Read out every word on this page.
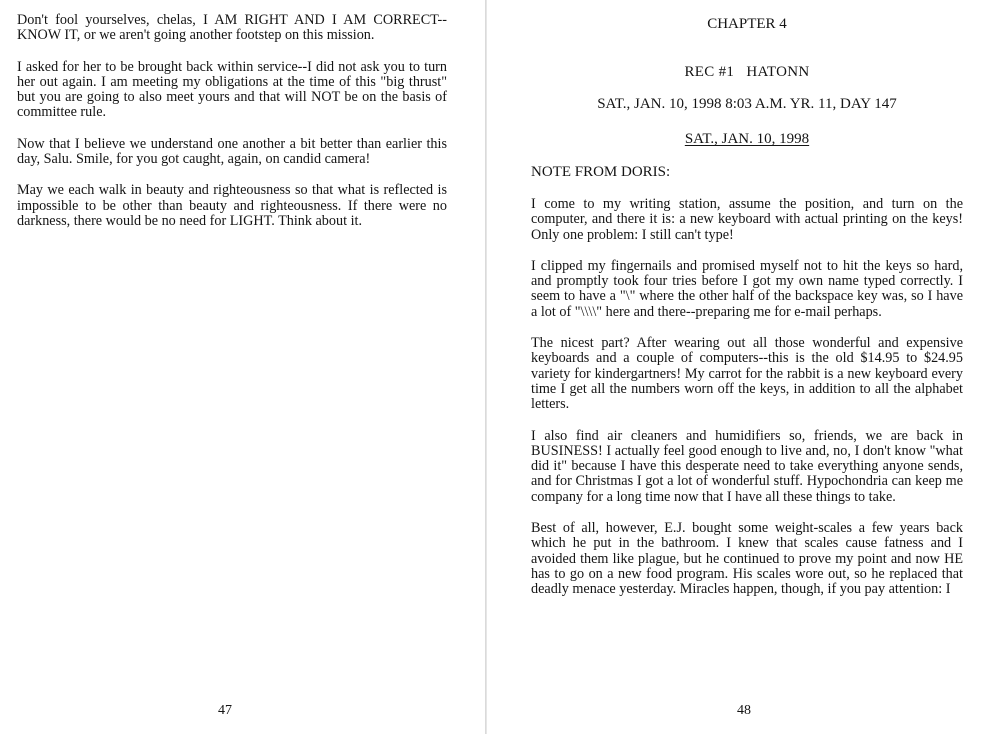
Don't fool yourselves, chelas, I AM RIGHT AND I AM CORRECT--KNOW IT, or we aren't going another footstep on this mission.

I asked for her to be brought back within service--I did not ask you to turn her out again. I am meeting my obligations at the time of this "big thrust" but you are going to also meet yours and that will NOT be on the basis of committee rule.

Now that I believe we understand one another a bit better than earlier this day, Salu. Smile, for you got caught, again, on candid camera!

May we each walk in beauty and righteousness so that what is reflected is impossible to be other than beauty and righteousness. If there were no darkness, there would be no need for LIGHT. Think about it.

47
CHAPTER 4
REC #1   HATONN
SAT., JAN. 10, 1998 8:03 A.M. YR. 11, DAY 147
SAT., JAN. 10, 1998
NOTE FROM DORIS:

I come to my writing station, assume the position, and turn on the computer, and there it is: a new keyboard with actual printing on the keys! Only one problem: I still can't type!

I clipped my fingernails and promised myself not to hit the keys so hard, and promptly took four tries before I got my own name typed correctly. I seem to have a "\" where the other half of the backspace key was, so I have a lot of "\\\\" here and there--preparing me for e-mail perhaps.

The nicest part? After wearing out all those wonderful and expensive keyboards and a couple of computers--this is the old $14.95 to $24.95 variety for kindergartners! My carrot for the rabbit is a new keyboard every time I get all the numbers worn off the keys, in addition to all the alphabet letters.

I also find air cleaners and humidifiers so, friends, we are back in BUSINESS! I actually feel good enough to live and, no, I don't know "what did it" because I have this desperate need to take everything anyone sends, and for Christmas I got a lot of wonderful stuff. Hypochondria can keep me company for a long time now that I have all these things to take.

Best of all, however, E.J. bought some weight-scales a few years back which he put in the bathroom. I knew that scales cause fatness and I avoided them like plague, but he continued to prove my point and now HE has to go on a new food program. His scales wore out, so he replaced that deadly menace yesterday. Miracles happen, though, if you pay attention: I

48
